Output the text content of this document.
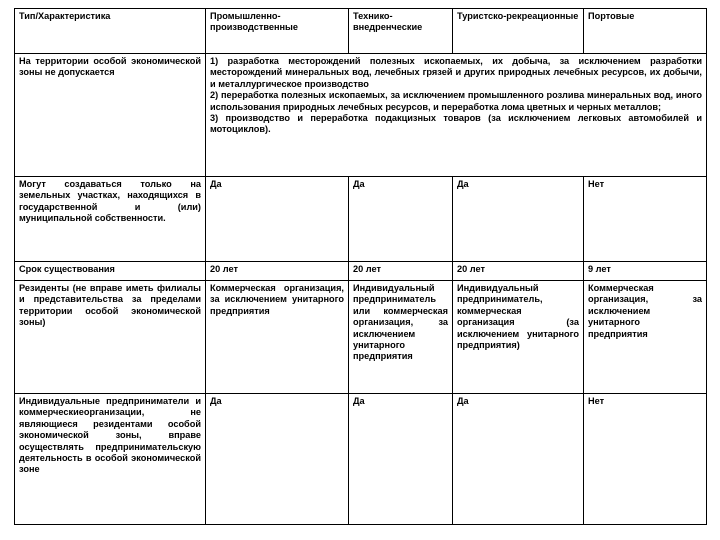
Тип/Характеристика	Промышленно-производственные	Технико-внедренческие	Туристско-рекреационные	Портовые
На территории особой экономической зоны не допускается	1) разработка месторождений полезных ископаемых, их добыча, за исключением разработки месторождений минеральных вод, лечебных грязей и других природных лечебных ресурсов, их добычи, и металлургическое производство

2) переработка полезных ископаемых, за исключением промышленного розлива минеральных вод, иного использования природных лечебных ресурсов, и переработка лома цветных и черных металлов;

3) производство и переработка подакцизных товаров (за исключением легковых автомобилей и мотоциклов).			

Могут создаваться только на земельных участках, находящихся в государственной и (или) муниципальной собственности.	Да	Да	Да	Нет
Срок существования	20 лет	20 лет	20 лет	9 лет
Резиденты (не вправе иметь филиалы и представительства за пределами территории особой экономической зоны)	Коммерческая организация, за исключением унитарного предприятия	Индивидуальный предприниматель или коммерческая организация, за исключением унитарного предприятия	Индивидуальный предприниматель, коммерческая организация (за исключением унитарного предприятия)	Коммерческая организация, за исключением унитарного предприятия
Индивидуальные предприниматели и коммерческиеорганизации, не являющиеся резидентами особой экономической зоны, вправе осуществлять предпринимательскую деятельность в особой экономической зоне	Да	Да	Да	Нет
